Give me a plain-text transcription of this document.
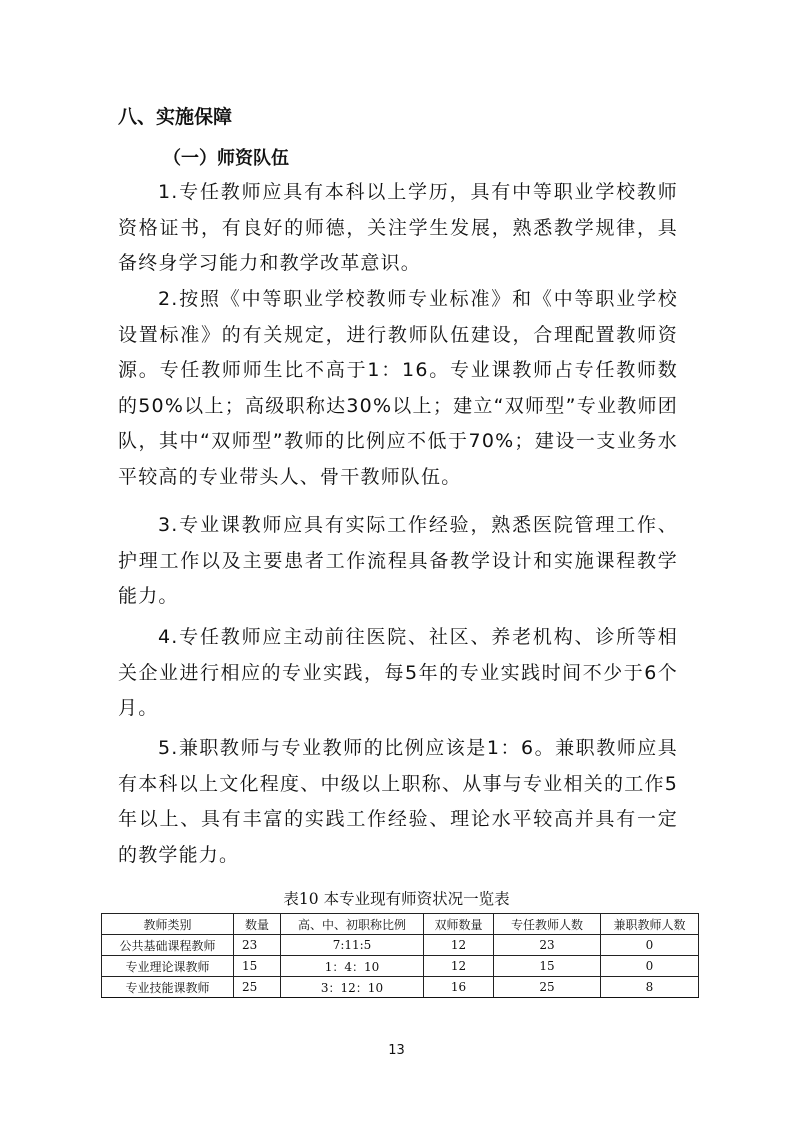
八、实施保障
（一）师资队伍

1.专任教师应具有本科以上学历，具有中等职业学校教师资格证书，有良好的师德，关注学生发展，熟悉教学规律，具备终身学习能力和教学改革意识。

2.按照《中等职业学校教师专业标准》和《中等职业学校设置标准》的有关规定，进行教师队伍建设，合理配置教师资源。专任教师师生比不高于1：16。专业课教师占专任教师数的50%以上；高级职称达30%以上；建立“双师型”专业教师团队，其中“双师型”教师的比例应不低于70%；建设一支业务水平较高的专业带头人、骨干教师队伍。

3.专业课教师应具有实际工作经验，熟悉医院管理工作、护理工作以及主要患者工作流程具备教学设计和实施课程教学能力。

4.专任教师应主动前往医院、社区、养老机构、诊所等相关企业进行相应的专业实践，每5年的专业实践时间不少于6个月。

5.兼职教师与专业教师的比例应该是1：6。兼职教师应具有本科以上文化程度、中级以上职称、从事与专业相关的工作5年以上、具有丰富的实践工作经验、理论水平较高并具有一定的教学能力。

表10 本专业现有师资状况一览表
教师类别	数量	高、中、初职称比例	双师数量	专任教师人数	兼职教师人数
公共基础课程教师	23	7:11:5	12	23	0
专业理论课教师	15	1：4：10	12	15	0
专业技能课教师	25	3：12：10	16	25	8
13
